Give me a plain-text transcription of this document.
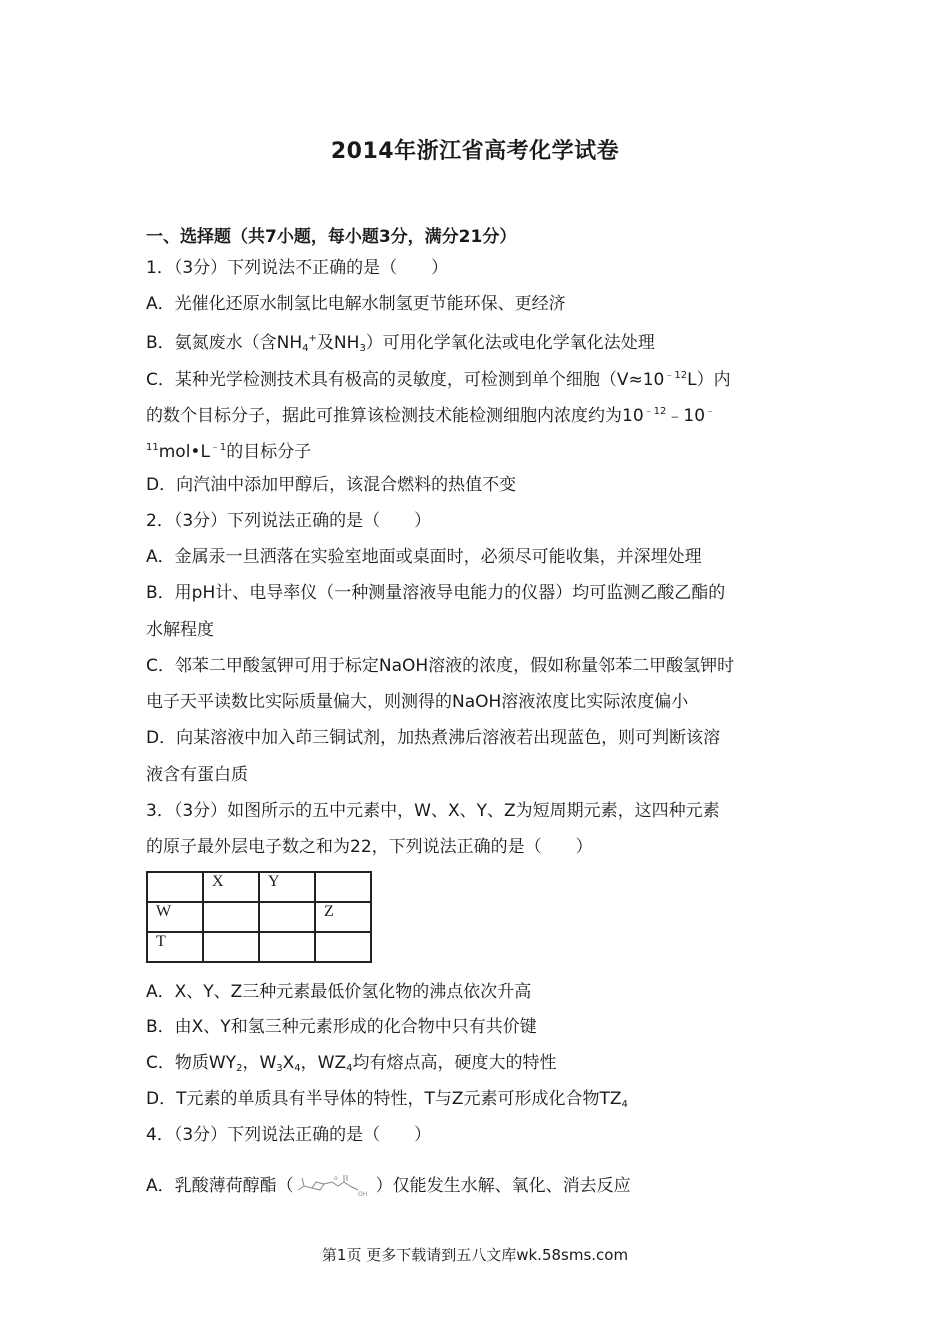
2014年浙江省高考化学试卷
一、选择题（共7小题，每小题3分，满分21分）
1．（3分）下列说法不正确的是（　　）
A．光催化还原水制氢比电解水制氢更节能环保、更经济
B．氨氮废水（含$NH_4^+$及$NH_3$）可用化学氧化法或电化学氧化法处理
C．某种光学检测技术具有极高的灵敏度，可检测到单个细胞$(V\approx 10^{﹣12}L)$内
的数个目标分子，据此可推算该检测技术能检测细胞内浓度约为$10^{﹣12}﹣10^﹣$
$^{11}mol•L^{﹣1}$的目标分子
D．向汽油中添加甲醇后，该混合燃料的热值不变
2．（3分）下列说法正确的是（　　）
A．金属汞一旦洒落在实验室地面或桌面时，必须尽可能收集，并深埋处理
B．用pH计、电导率仪（一种测量溶液导电能力的仪器）均可监测乙酸乙酯的
水解程度
C．邻苯二甲酸氢钾可用于标定NaOH溶液的浓度，假如称量邻苯二甲酸氢钾时
电子天平读数比实际质量偏大，则测得的NaOH溶液浓度比实际浓度偏小
D．向某溶液中加入茚三铜试剂，加热煮沸后溶液若出现蓝色，则可判断该溶
液含有蛋白质
3．（3分）如图所示的五中元素中，W、X、Y、Z为短周期元素，这四种元素
的原子最外层电子数之和为22，下列说法正确的是（　　）
	X	Y	
W			Z
T			
A．X、Y、Z三种元素最低价氢化物的沸点依次升高
B．由X、Y和氢三种元素形成的化合物中只有共价键
C．物质$WY_2$，$W_3X_4$，$WZ_4$均有熔点高，硬度大的特性
D．T元素的单质具有半导体的特性，T与Z元素可形成化合物$TZ_4$
4．（3分）下列说法正确的是（　　）
A．乳酸薄荷醇酯（	OH
o ）仅能发生水解、氧化、消去反应
第1页 更多下载请到五八文库wk.58sms.com
